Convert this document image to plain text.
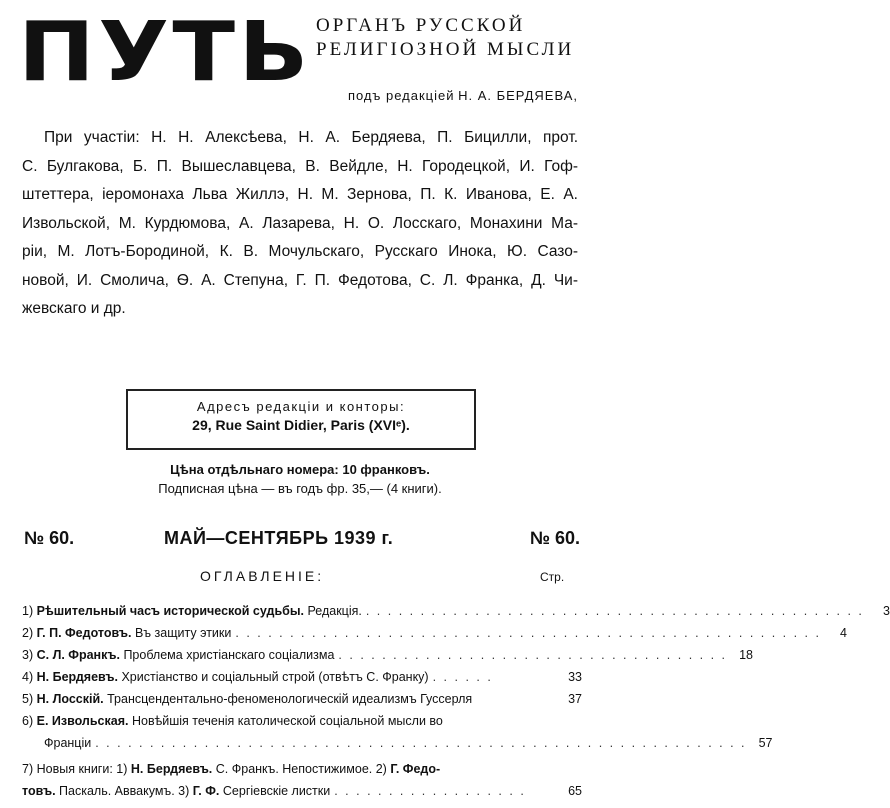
ПУТЬ ОРГАНЪ РУССКОЙ
РЕЛИГІОЗНОЙ МЫСЛИ
подъ редакціей Н. А. БЕРДЯЕВА,
При участіи: Н. Н. Алексѣева, Н. А. Бердяева, П. Бицилли, прот.
С. Булгакова, Б. П. Вышеславцева, В. Вейдле, Н. Городецкой, И. Гоф-
штеттера, іеромонаха Льва Жиллэ, Н. М. Зернова, П. К. Иванова, Е. А.
Извольской, М. Курдюмова, А. Лазарева, Н. О. Лосскаго, Монахини Ма-
ріи, М. Лотъ-Бородиной, К. В. Мочульскаго, Русскаго Инока, Ю. Сазо-
новой, И. Смолича, Ѳ. А. Степуна, Г. П. Федотова, С. Л. Франка, Д. Чи-
жевскаго и др.
Адресъ редакціи и конторы:
29, Rue Saint Didier, Paris (XVIᵉ).
Цѣна отдѣльнаго номера: 10 франковъ.
Подписная цѣна — въ годъ фр. 35,— (4 книги).
№ 60.	МАЙ—СЕНТЯБРЬ 1939 г.	№ 60.
ОГЛАВЛЕНІЕ:	Стр.
1) Рѣшительный часъ исторической судьбы. Редакція. . . . . . . . . . . . . . . . . . . . . . . . . . . . . . . . . . . . . . . . . . . . . . .	3
2) Г. П. Федотовъ. Въ защиту этики . . . . . . . . . . . . . . . . . . . . . . . . . . . . . . . . . . . . . . . . . . . . . . . . . . . . . .	4
3) С. Л. Франкъ. Проблема христіанскаго соціализма . . . . . . . . . . . . . . . . . . . . . . . . . . . . . . . . . . . . 18
4) Н. Бердяевъ. Христіанство и соціальный строй (отвѣтъ С. Франку) . . . . . .	33
5) Н. Лосскій. Трансцендентально-феноменологическій идеализмъ Гуссерля	37
6) Е. Извольская. Новѣйшія теченія католической соціальной мысли во
Франціи . . . . . . . . . . . . . . . . . . . . . . . . . . . . . . . . . . . . . . . . . . . . . . . . . . . . . . . . . . . . 57
7) Новыя книги: 1) Н. Бердяевъ. С. Франкъ. Непостижимое. 2) Г. Федо-
товъ. Паскаль. Аввакумъ. 3) Г. Ф. Сергіевскіе листки . . . . . . . . . . . . . . . . . .	65
